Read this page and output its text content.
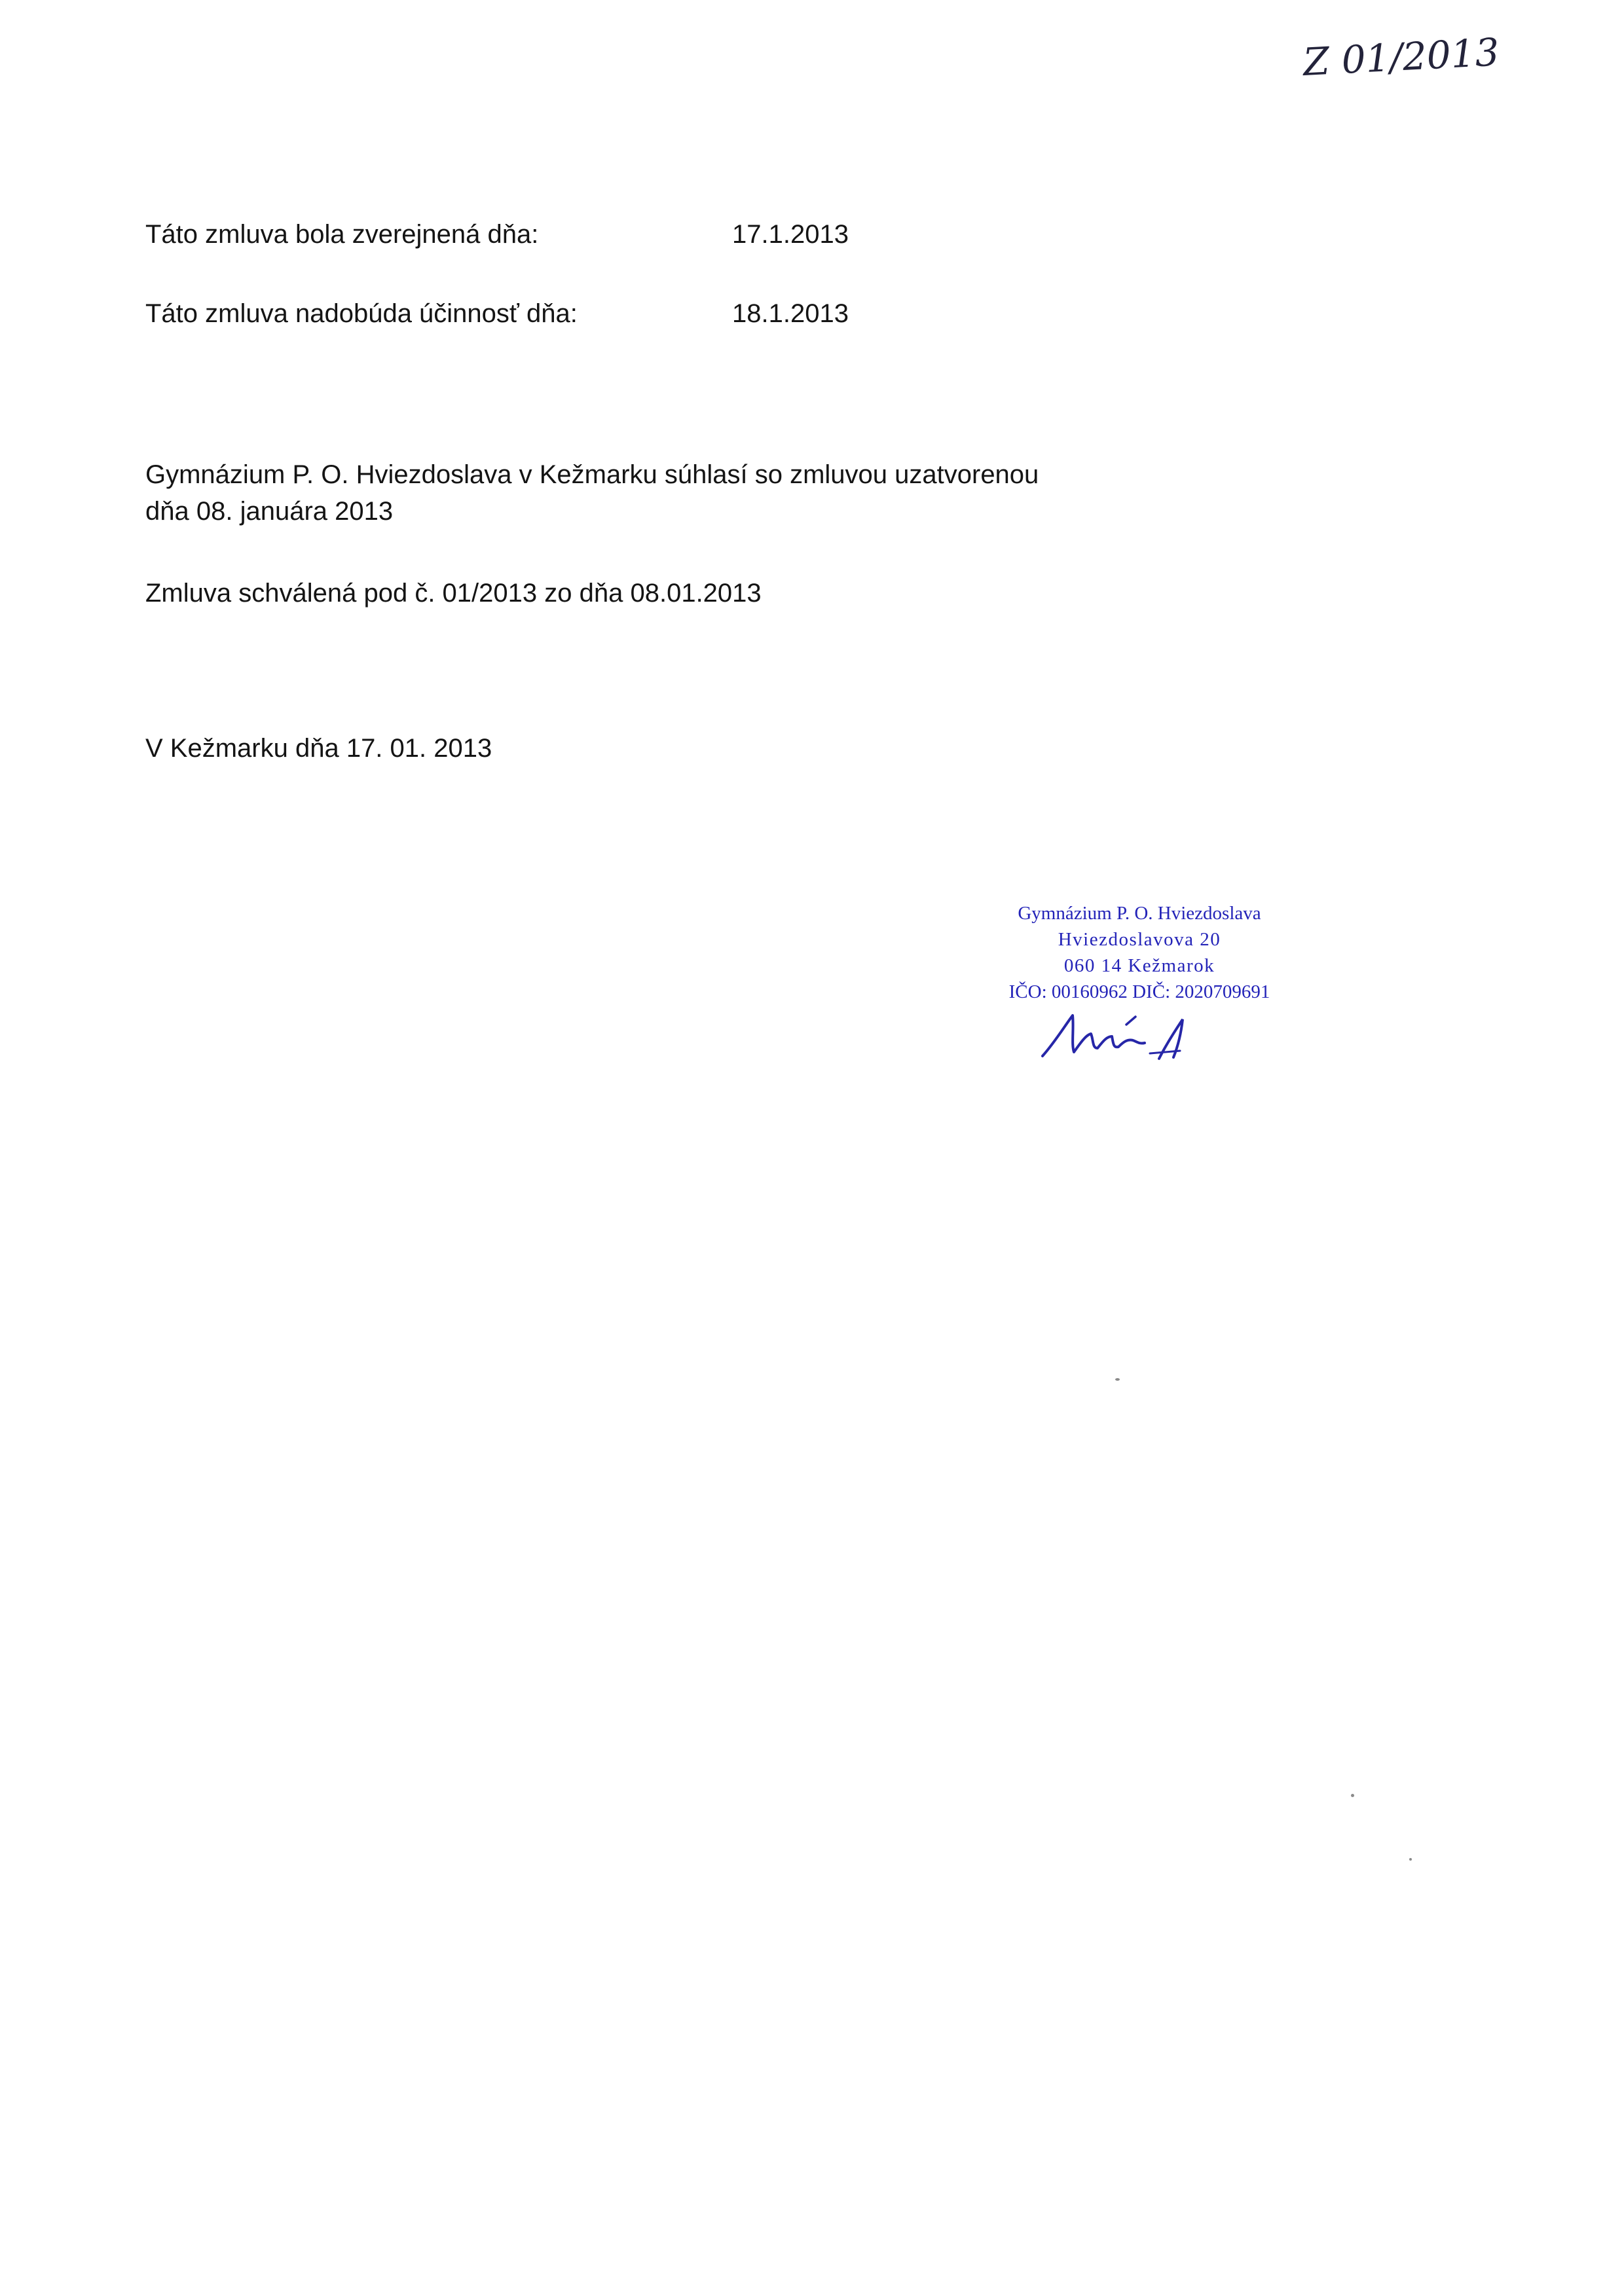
Z 01/2013

Táto zmluva bola zverejnená dňa:	17.1.2013

Táto zmluva nadobúda účinnosť dňa:	18.1.2013

Gymnázium P. O. Hviezdoslava v Kežmarku súhlasí so zmluvou uzatvorenou

dňa 08. januára 2013

Zmluva schválená pod č. 01/2013 zo dňa 08.01.2013

V Kežmarku dňa 17. 01. 2013

Gymnázium P. O. Hviezdoslava
Hviezdoslavova 20
060 14 Kežmarok
IČO: 00160962 DIČ: 2020709691
